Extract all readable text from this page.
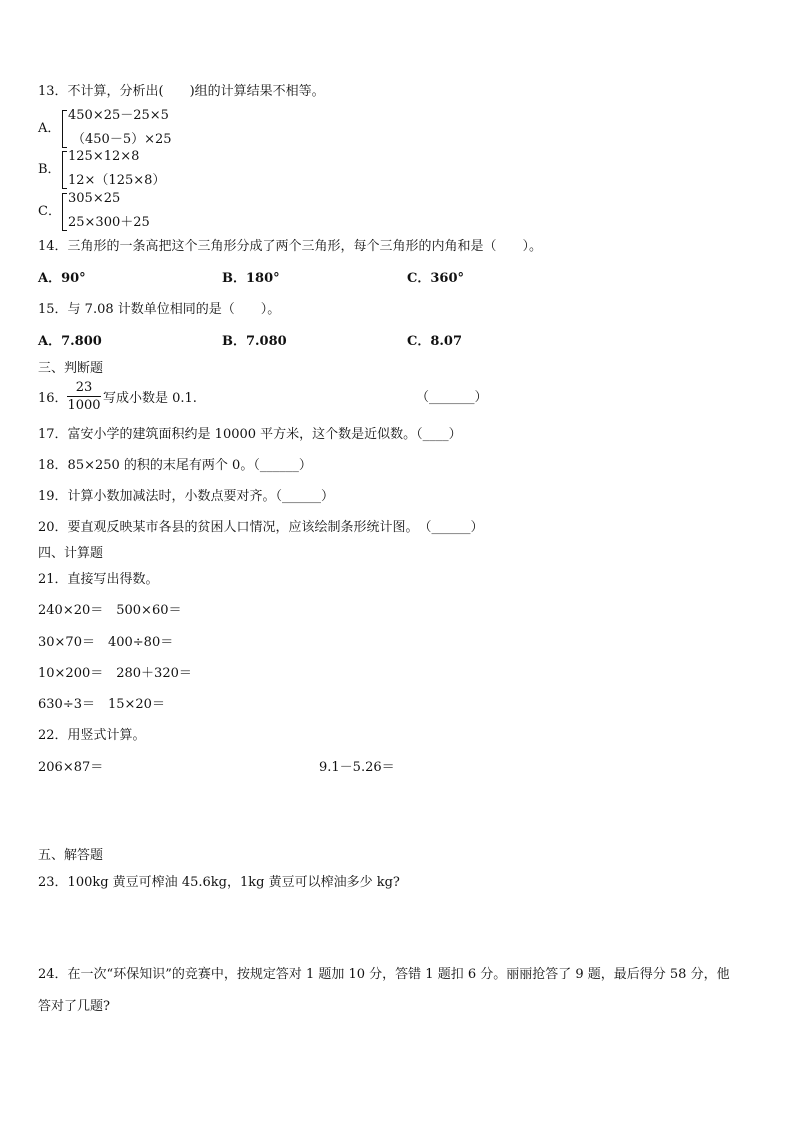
13．不计算，分析出(　　)组的计算结果不相等。
A．
450×25－25×5
（450－5）×25
B．
125×12×8
12×（125×8）
C．
305×25
25×300＋25
14．三角形的一条高把这个三角形分成了两个三角形，每个三角形的内角和是（　　）。
A．90°	B．180°	C．360°
15．与 7.08 计数单位相同的是（　　）。
A．7.800	B．7.080	C．8.07
三、判断题
16．
23
1000 写成小数是 0.1.	（_______）
17．富安小学的建筑面积约是 10000 平方米，这个数是近似数。（____）
18．85×250 的积的末尾有两个 0。（______）
19．计算小数加减法时，小数点要对齐。（______）
20．要直观反映某市各县的贫困人口情况，应该绘制条形统计图。　（______）
四、计算题
21．直接写出得数。
240×20＝　500×60＝
30×70＝　400÷80＝
10×200＝　280＋320＝
630÷3＝　15×20＝
22．用竖式计算。
206×87＝	9.1－5.26＝
五、解答题
23．100kg 黄豆可榨油 45.6kg，1kg 黄豆可以榨油多少 kg?
24．在一次“环保知识”的竞赛中，按规定答对 1 题加 10 分，答错 1 题扣 6 分。丽丽抢答了 9 题，最后得分 58 分，他
答对了几题?
